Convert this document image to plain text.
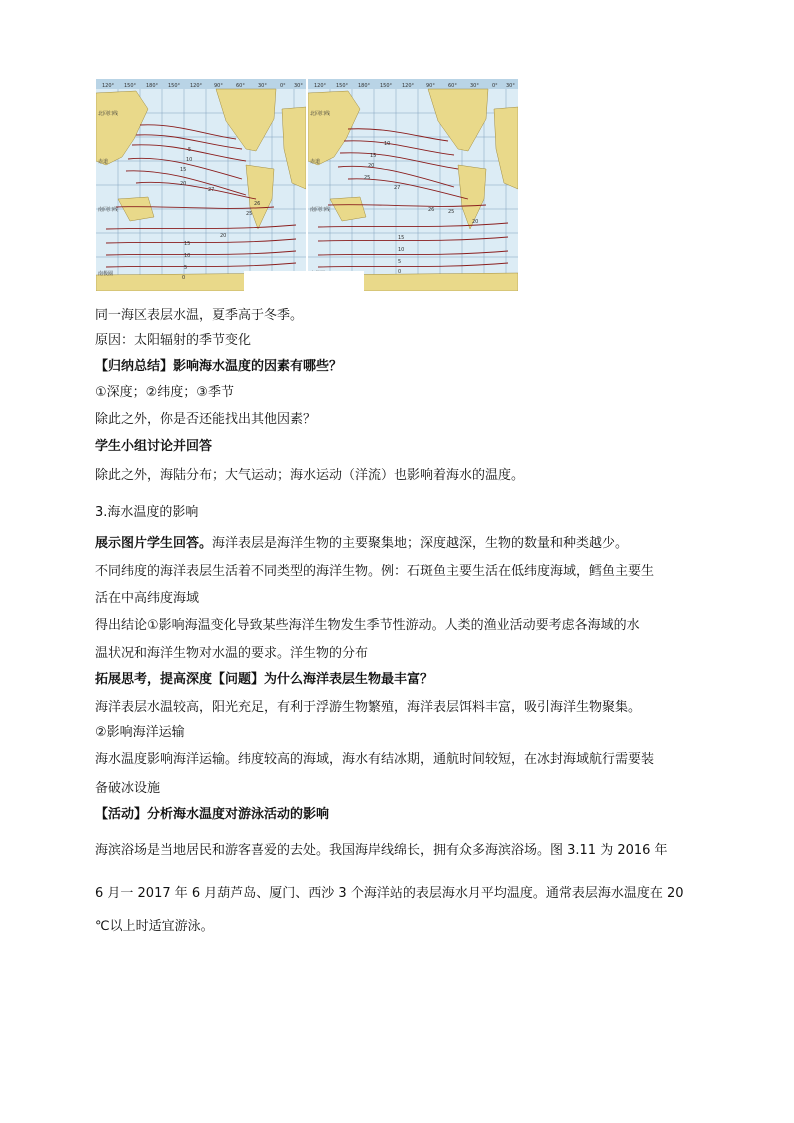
120° 150° 180° 150° 120° 90°	60°	30°	0° 30°
北回归线
赤道
南回归线
南极圈
5
10
15
20
27
26
25
20
15
10
5
0
120° 150° 180° 150° 120° 90°	60°	30°	0° 30°
北回归线
赤道
南回归线
10
15
20
25
27
26	25
20
15
10
5
0
同一海区表层水温，夏季高于冬季。
原因：太阳辐射的季节变化
【归纳总结】影响海水温度的因素有哪些？
①深度；②纬度；③季节
除此之外，你是否还能找出其他因素？
学生小组讨论并回答
除此之外，海陆分布；大气运动；海水运动（洋流）也影响着海水的温度。
3.海水温度的影响
展示图片学生回答。海洋表层是海洋生物的主要聚集地；深度越深，生物的数量和种类越少。
不同纬度的海洋表层生活着不同类型的海洋生物。例：石斑鱼主要生活在低纬度海域，鳕鱼主要生
活在中高纬度海域
得出结论①影响海温变化导致某些海洋生物发生季节性游动。人类的渔业活动要考虑各海域的水
温状况和海洋生物对水温的要求。洋生物的分布
拓展思考，提高深度【问题】为什么海洋表层生物最丰富？
海洋表层水温较高，阳光充足，有利于浮游生物繁殖，海洋表层饵料丰富，吸引海洋生物聚集。
②影响海洋运输
海水温度影响海洋运输。纬度较高的海域，海水有结冰期，通航时间较短，在冰封海域航行需要装
备破冰设施
【活动】分析海水温度对游泳活动的影响
海滨浴场是当地居民和游客喜爱的去处。我国海岸线绵长，拥有众多海滨浴场。图 3.11 为 2016 年
6 月一 2017 年 6 月葫芦岛、厦门、西沙 3 个海洋站的表层海水月平均温度。通常表层海水温度在 20
℃以上时适宜游泳。
